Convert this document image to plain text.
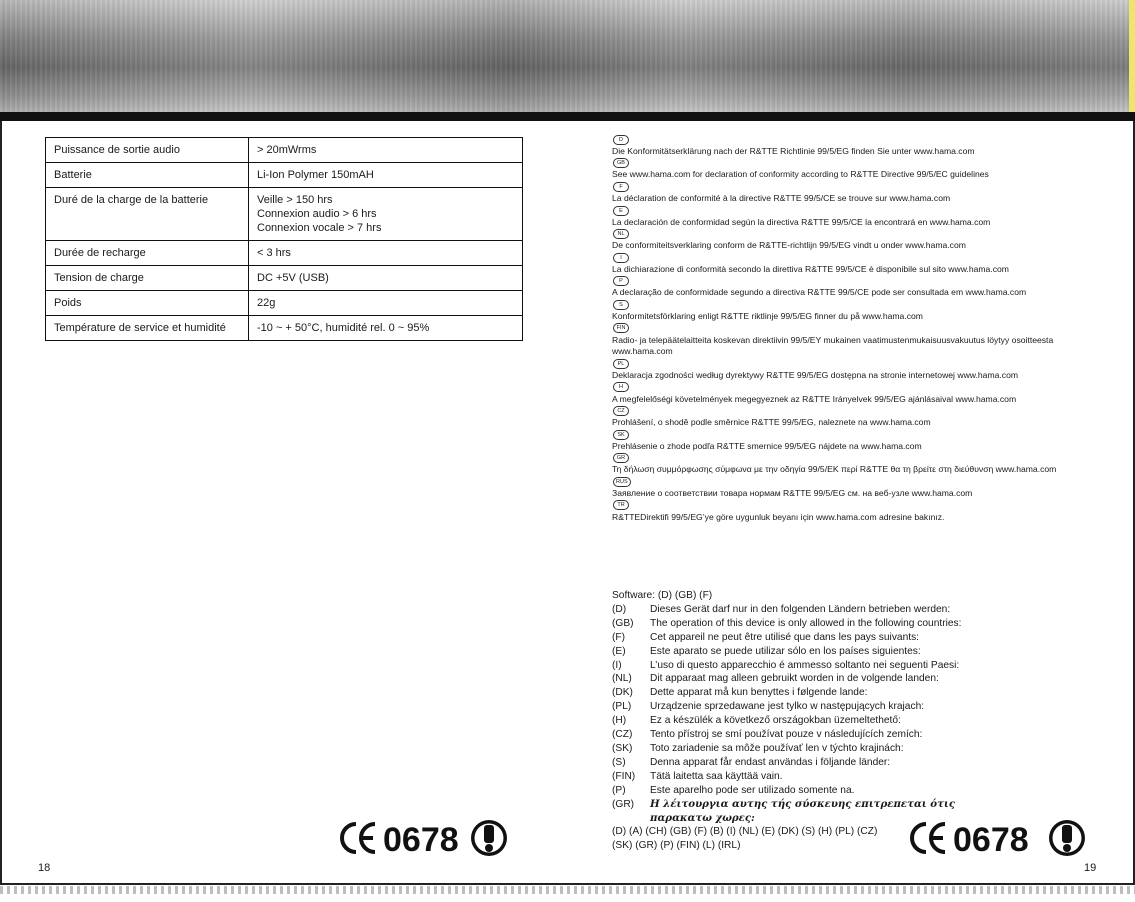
Puissance de sortie audio	> 20mWrms

Batterie	Li-Ion Polymer 150mAH

Duré de la charge de la batterie	Veille > 150 hrs
Connexion audio > 6 hrs
Connexion vocale > 7 hrs

Durée de recharge	< 3 hrs

Tension de charge	DC +5V (USB)

Poids	22g

Température de service et humidité	-10 ~ + 50°C, humidité rel. 0 ~ 95%
D
Die Konformitätserklärung nach der R&TTE Richtlinie 99/5/EG finden Sie unter www.hama.com
GB
See www.hama.com for declaration of conformity according to R&TTE Directive 99/5/EC guidelines
F
La déclaration de conformité à la directive R&TTE 99/5/CE se trouve sur www.hama.com
E
La declaración de conformidad según la directiva R&TTE 99/5/CE la encontrará en www.hama.com
NL
De conformiteitsverklaring conform de R&TTE-richtlijn 99/5/EG vindt u onder www.hama.com
I
La dichiarazione di conformità secondo la direttiva R&TTE 99/5/CE è disponibile sul sito www.hama.com
P
A declaração de conformidade segundo a directiva R&TTE 99/5/CE pode ser consultada em www.hama.com
S
Konformitetsförklaring enligt R&TTE riktlinje 99/5/EG finner du på www.hama.com
FIN
Radio- ja telepäätelaitteita koskevan direktiivin 99/5/EY mukainen vaatimustenmukaisuusvakuutus löytyy osoitteesta www.hama.com
PL
Deklaracja zgodności według dyrektywy R&TTE 99/5/EG dostępna na stronie internetowej www.hama.com
H
A megfelelőségi követelmények megegyeznek az R&TTE Irányelvek 99/5/EG ajánlásaival www.hama.com
CZ
Prohlášení, o shodě podle směrnice R&TTE 99/5/EG, naleznete na www.hama.com
SK
Prehlásenie o zhode podľa R&TTE smernice 99/5/EG nájdete na www.hama.com
GR
Τη δήλωση συμμόρφωσης σύμφωνα με την οδηγία 99/5/ΕΚ περί R&TTE θα τη βρείτε στη διεύθυνση www.hama.com
RUS
Заявление о соответствии товара нормам R&TTE 99/5/EG см. на веб-узле www.hama.com
TR
R&TTEDirektifi 99/5/EG’ye göre uygunluk beyanı için www.hama.com adresine bakınız.
Software: (D) (GB) (F)
(D)	Dieses Gerät darf nur in den folgenden Ländern betrieben werden:
(GB)	The operation of this device is only allowed in the following countries:
(F)	Cet appareil ne peut être utilisé que dans les pays suivants:
(E)	Este aparato se puede utilizar sólo en los países siguientes:
(I)	L’uso di questo apparecchio é ammesso soltanto nei seguenti Paesi:
(NL)	Dit apparaat mag alleen gebruikt worden in de volgende landen:
(DK)	Dette apparat må kun benyttes i følgende lande:
(PL)	Urządzenie sprzedawane jest tylko w następujących krajach:
(H)	Ez a készülék a következő országokban üzemeltethető:
(CZ)	Tento přístroj se smí používat pouze v následujících zemích:
(SK)	Toto zariadenie sa môže používať len v týchto krajinách:
(S)	Denna apparat får endast användas i följande länder:
(FIN)	Tätä laitetta saa käyttää vain.
(P)	Este aparelho pode ser utilizado somente na.
(GR)	Η λέιτουργια αυτης τής σύσκευης επιτρεπεται ότις
παρακατω χωρες:
(D) (A) (CH) (GB) (F) (B) (I) (NL) (E) (DK) (S) (H) (PL) (CZ)
(SK) (GR) (P) (FIN) (L) (IRL)
0678	0678
18	19
